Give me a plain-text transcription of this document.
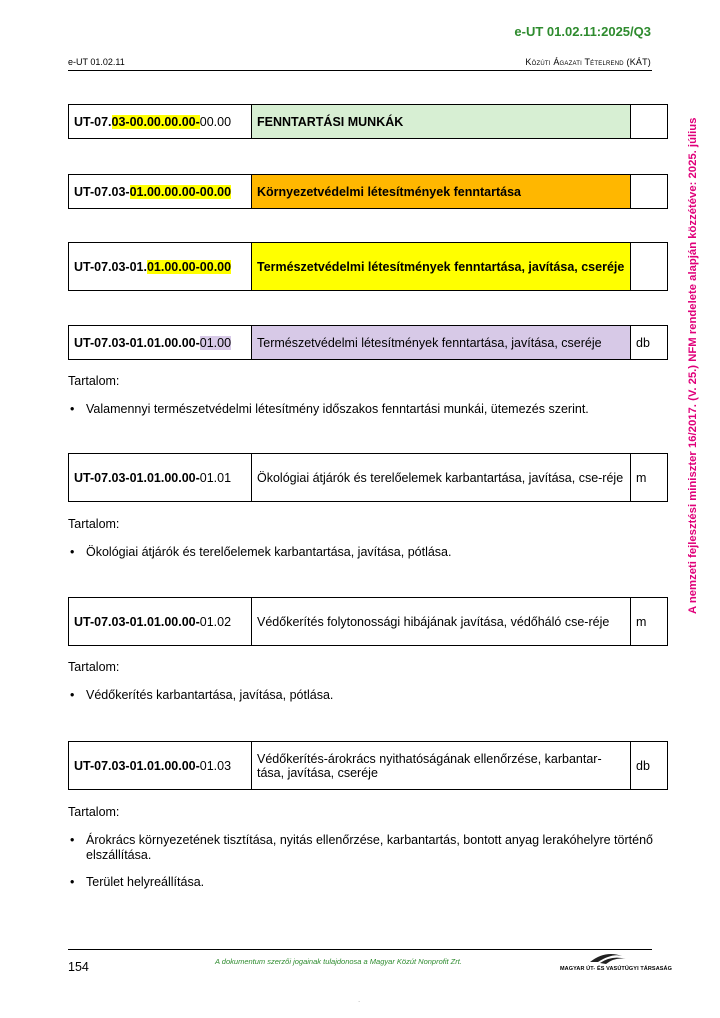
e-UT 01.02.11:2025/Q3
e-UT 01.02.11	Közúti Ágazati Tételrend (KÁT)
A nemzeti fejlesztési miniszter 16/2017. (V. 25.) NFM rendelete alapján közzétéve: 2025. július
UT-07.03-00.00.00.00-00.00	FENNTARTÁSI MUNKÁK	
UT-07.03-01.00.00.00-00.00	Környezetvédelmi létesítmények fenntartása	
UT-07.03-01.01.00.00-00.00	Természetvédelmi létesítmények fenntartása, javítása, cseréje	
UT-07.03-01.01.00.00-01.00	Természetvédelmi létesítmények fenntartása, javítása, cseréje	db
Tartalom:
• Valamennyi természetvédelmi létesítmény időszakos fenntartási munkái, ütemezés szerint.
UT-07.03-01.01.00.00-01.01	Ökológiai átjárók és terelőelemek karbantartása, javítása, cse-réje	m
Tartalom:
• Ökológiai átjárók és terelőelemek karbantartása, javítása, pótlása.
UT-07.03-01.01.00.00-01.02	Védőkerítés folytonossági hibájának javítása, védőháló cse-réje	m
Tartalom:
• Védőkerítés karbantartása, javítása, pótlása.
UT-07.03-01.01.00.00-01.03	Védőkerítés-árokrács nyithatóságának ellenőrzése, karbantar-tása, javítása, cseréje	db
Tartalom:
• Árokrács környezetének tisztítása, nyitás ellenőrzése, karbantartás, bontott anyag lerakóhelyre történő elszállítása.
• Terület helyreállítása.
154	A dokumentum szerzői jogainak tulajdonosa a Magyar Közút Nonprofit Zrt.
MAGYAR ÚT- ÉS VASÚTÜGYI TÁRSASÁG
.
